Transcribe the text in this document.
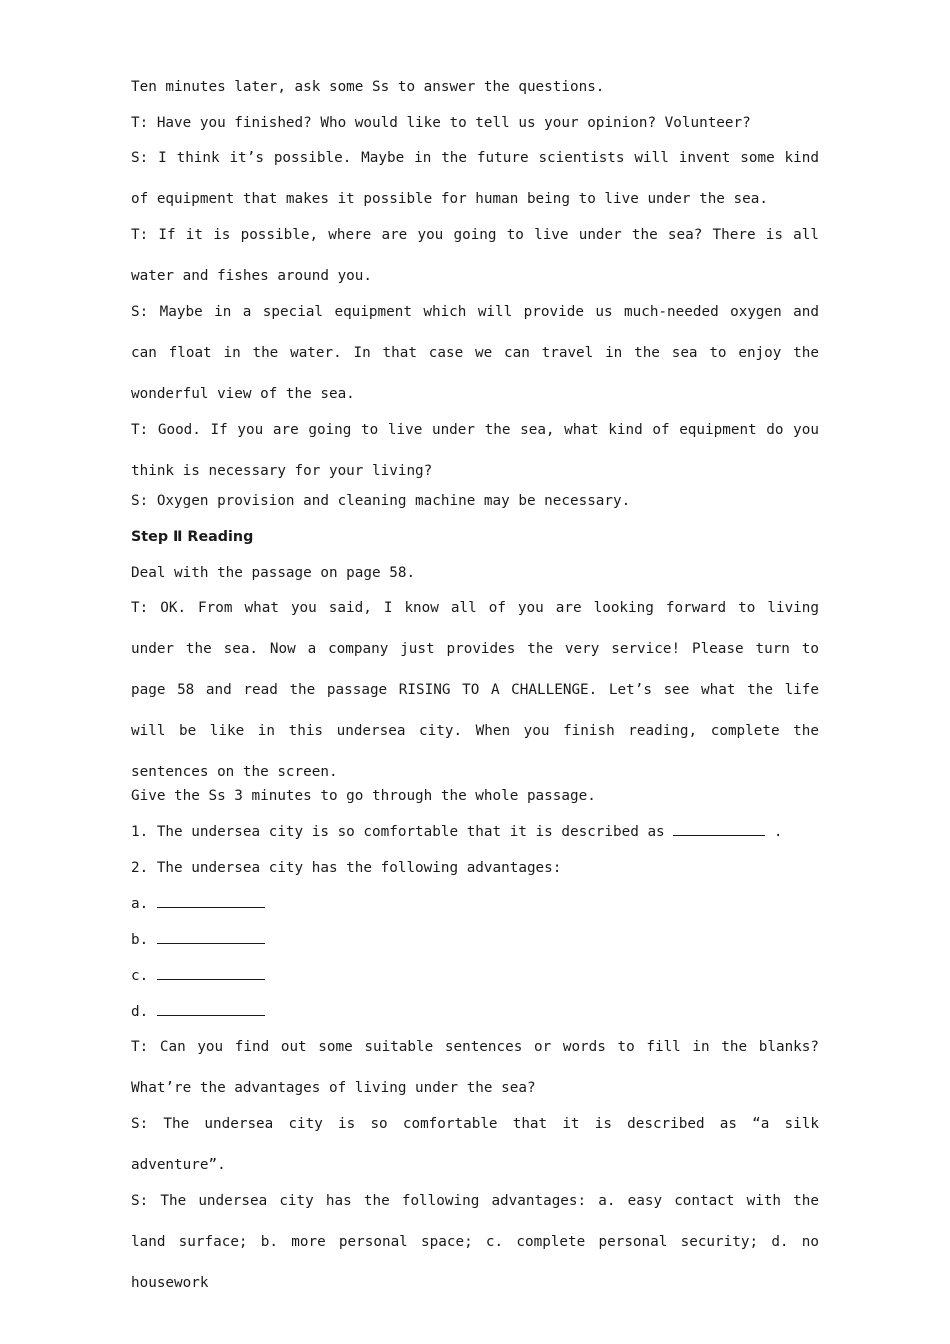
Ten minutes later, ask some Ss to answer the questions.
T: Have you finished? Who would like to tell us your opinion? Volunteer?
S: I think it’s possible. Maybe in the future scientists will invent some kind of equipment that makes it possible for human being to live under the sea.
T: If it is possible, where are you going to live under the sea? There is all water and fishes around you.
S: Maybe in a special equipment which will provide us much-needed oxygen and can float in the water. In that case we can travel in the sea to enjoy the wonderful view of the sea.
T: Good. If you are going to live under the sea, what kind of equipment do you think is necessary for your living?
S: Oxygen provision and cleaning machine may be necessary.
Step Ⅱ Reading
Deal with the passage on page 58.
T: OK. From what you said, I know all of you are looking forward to living under the sea. Now a company just provides the very service! Please turn to page 58 and read the passage RISING TO A CHALLENGE. Let’s see what the life will be like in this undersea city. When you finish reading, complete the sentences on the screen.
Give the Ss 3 minutes to go through the whole passage.
1. The undersea city is so comfortable that it is described as	.
2. The undersea city has the following advantages:
a.
b.
c.
d.
T: Can you find out some suitable sentences or words to fill in the blanks? What’re the advantages of living under the sea?
S: The undersea city is so comfortable that it is described as “a silk adventure”.
S: The undersea city has the following advantages: a. easy contact with the land surface; b. more personal space; c. complete personal security; d. no housework
